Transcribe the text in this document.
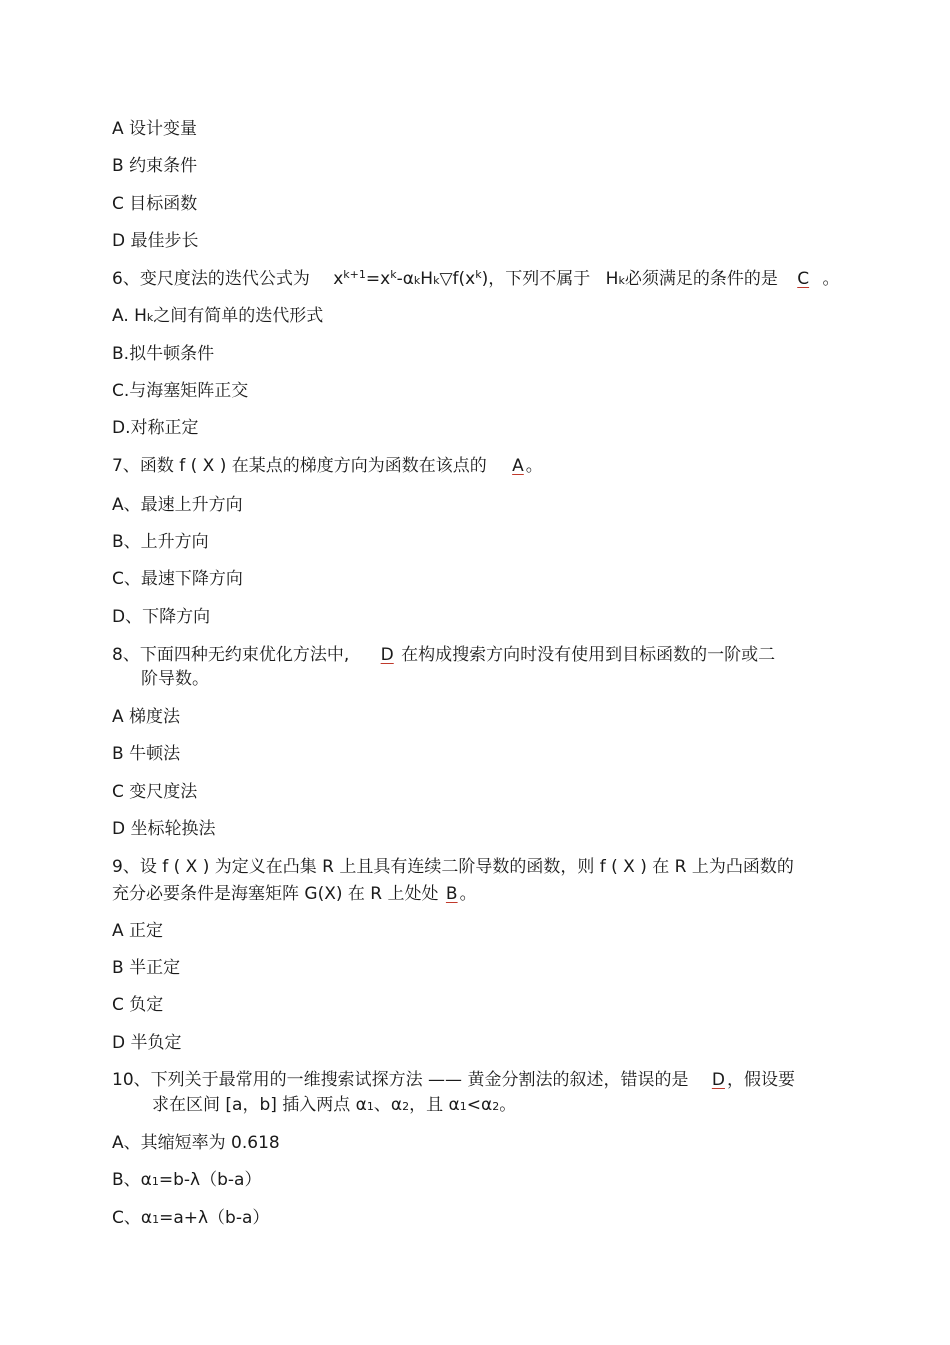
A 设计变量
B 约束条件
C 目标函数
D 最佳步长
6、变尺度法的迭代公式为 $x^{k+1}=x^k-\alpha kHk▽f(x^k)$，下列不属于 Hk必须满足的条件的是 C 。
A. Hk之间有简单的迭代形式
B.拟牛顿条件
C.与海塞矩阵正交
D.对称正定
7、函数 f ( X ) 在某点的梯度方向为函数在该点的 A 。
A、最速上升方向
B、上升方向
C、最速下降方向
D、下降方向
8、下面四种无约束优化方法中, D 在构成搜索方向时没有使用到目标函数的一阶或二
阶导数。
A 梯度法
B 牛顿法
C 变尺度法
D 坐标轮换法
9、设 f ( X ) 为定义在凸集 R 上且具有连续二阶导数的函数，则 f ( X ) 在 R 上为凸函数的
充分必要条件是海塞矩阵 G(X) 在 R 上处处 B 。
A 正定
B 半正定
C 负定
D 半负定
10、下列关于最常用的一维搜索试探方法 —— 黄金分割法的叙述，错误的是 D ，假设要
求在区间 [a，b] 插入两点 α1、α2，且 α1<α2。
A、其缩短率为 0.618
B、α1=b-λ（b-a）
C、α1=a+λ（b-a）
